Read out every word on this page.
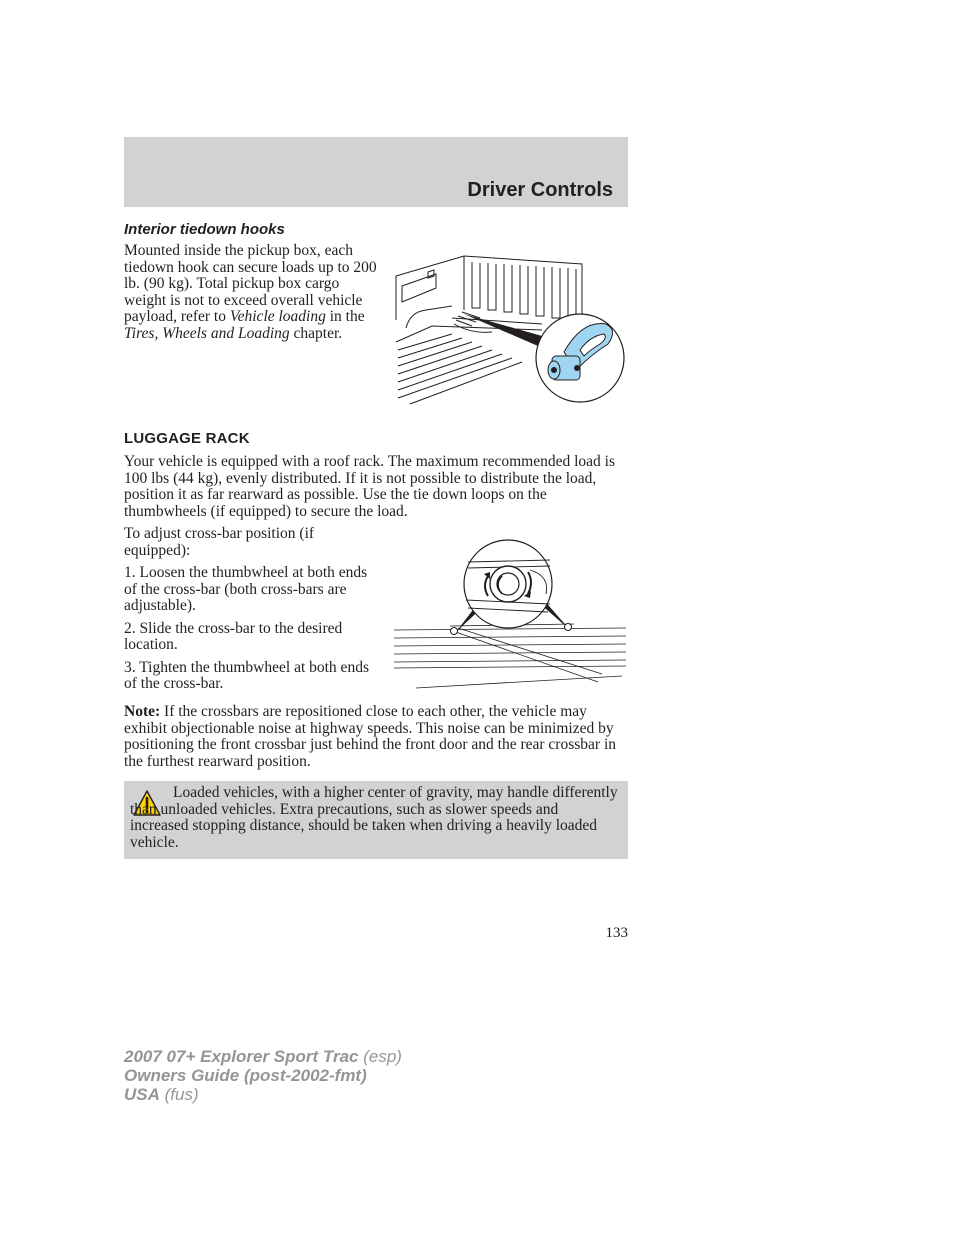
Driver Controls
Interior tiedown hooks

Mounted inside the pickup box, each tiedown hook can secure loads up to 200 lb. (90 kg). Total pickup box cargo weight is not to exceed overall vehicle payload, refer to Vehicle loading in the Tires, Wheels and Loading chapter.

LUGGAGE RACK

Your vehicle is equipped with a roof rack. The maximum recommended load is 100 lbs (44 kg), evenly distributed. If it is not possible to distribute the load, position it as far rearward as possible. Use the tie down loops on the thumbwheels (if equipped) to secure the load.

To adjust cross-bar position (if equipped):

1. Loosen the thumbwheel at both ends of the cross-bar (both cross-bars are adjustable).

2. Slide the cross-bar to the desired location.

3. Tighten the thumbwheel at both ends of the cross-bar.

Note: If the crossbars are repositioned close to each other, the vehicle may exhibit objectionable noise at highway speeds. This noise can be minimized by positioning the front crossbar just behind the front door and the rear crossbar in the furthest rearward position.

Loaded vehicles, with a higher center of gravity, may handle differently than unloaded vehicles. Extra precautions, such as slower speeds and increased stopping distance, should be taken when driving a heavily loaded vehicle.

133

2007 07+ Explorer Sport Trac (esp)
Owners Guide (post-2002-fmt)
USA (fus)
